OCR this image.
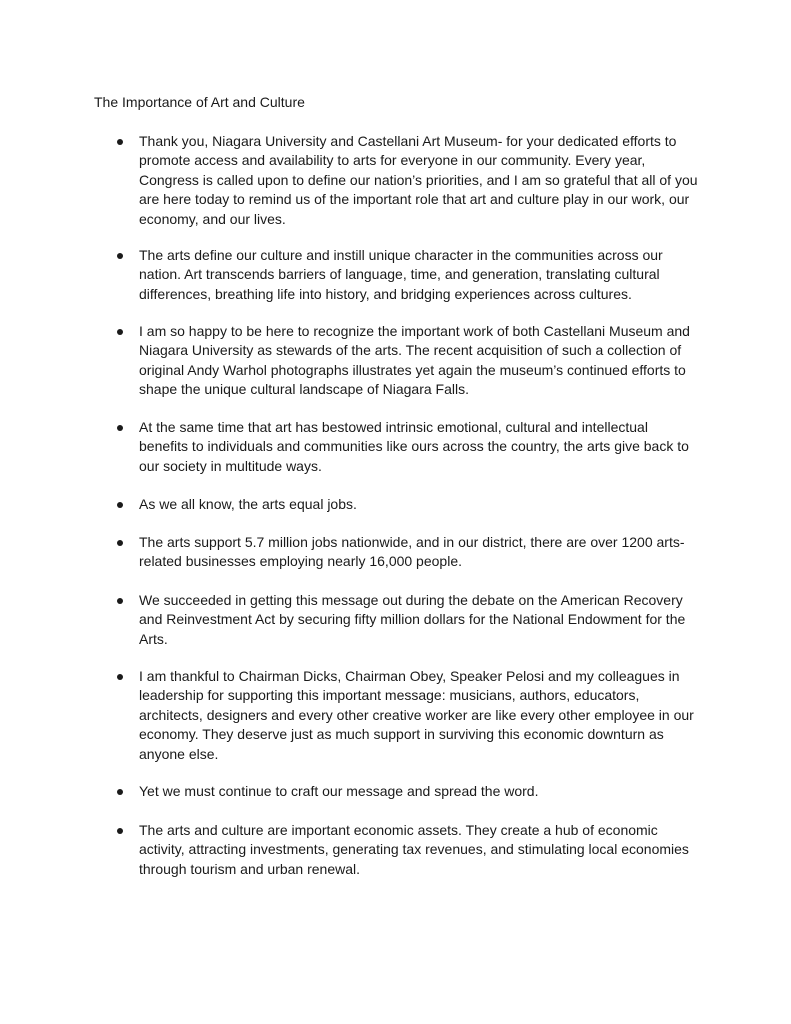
The Importance of Art and Culture
Thank you, Niagara University and Castellani Art Museum- for your dedicated efforts to promote access and availability to arts for everyone in our community. Every year, Congress is called upon to define our nation’s priorities, and I am so grateful that all of you are here today to remind us of the important role that art and culture play in our work, our economy, and our lives.
The arts define our culture and instill unique character in the communities across our nation. Art transcends barriers of language, time, and generation, translating cultural differences, breathing life into history, and bridging experiences across cultures.
I am so happy to be here to recognize the important work of both Castellani Museum and Niagara University as stewards of the arts. The recent acquisition of such a collection of original Andy Warhol photographs illustrates yet again the museum’s continued efforts to shape the unique cultural landscape of Niagara Falls.
At the same time that art has bestowed intrinsic emotional, cultural and intellectual benefits to individuals and communities like ours across the country, the arts give back to our society in multitude ways.
As we all know, the arts equal jobs.
The arts support 5.7 million jobs nationwide, and in our district, there are over 1200 arts-related businesses employing nearly 16,000 people.
We succeeded in getting this message out during the debate on the American Recovery and Reinvestment Act by securing fifty million dollars for the National Endowment for the Arts.
I am thankful to Chairman Dicks, Chairman Obey, Speaker Pelosi and my colleagues in leadership for supporting this important message: musicians, authors, educators, architects, designers and every other creative worker are like every other employee in our economy. They deserve just as much support in surviving this economic downturn as anyone else.
Yet we must continue to craft our message and spread the word.
The arts and culture are important economic assets. They create a hub of economic activity, attracting investments, generating tax revenues, and stimulating local economies through tourism and urban renewal.
